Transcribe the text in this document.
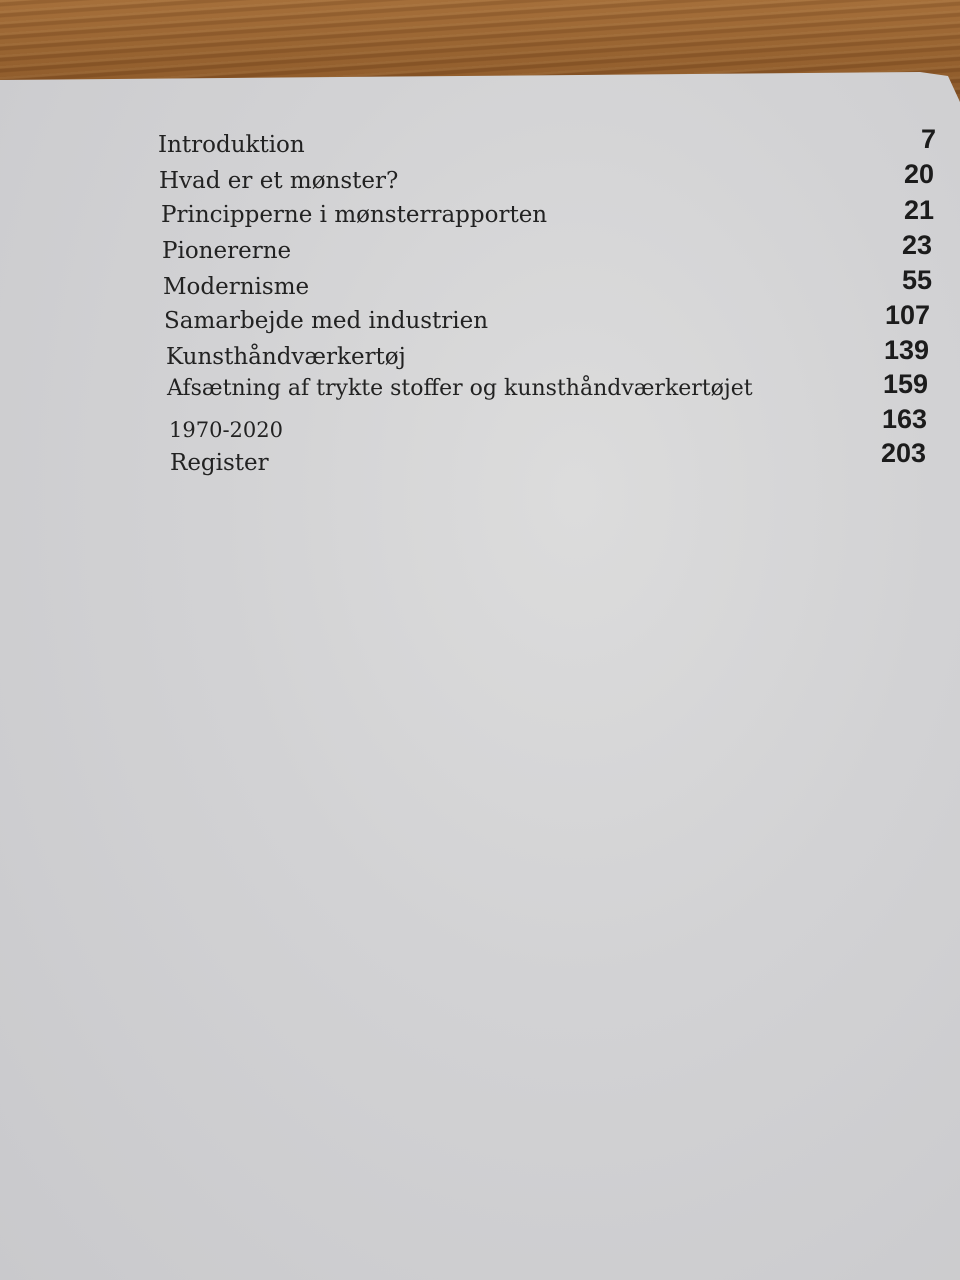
Introduktion	7
Hvad er et mønster?	20
Principperne i mønsterrapporten	21
Pionererne	23
Modernisme	55
Samarbejde med industrien	107
Kunsthåndværkertøj	139
Afsætning af trykte stoffer og kunsthåndværkertøjet	159
1970-2020	163
Register	203
